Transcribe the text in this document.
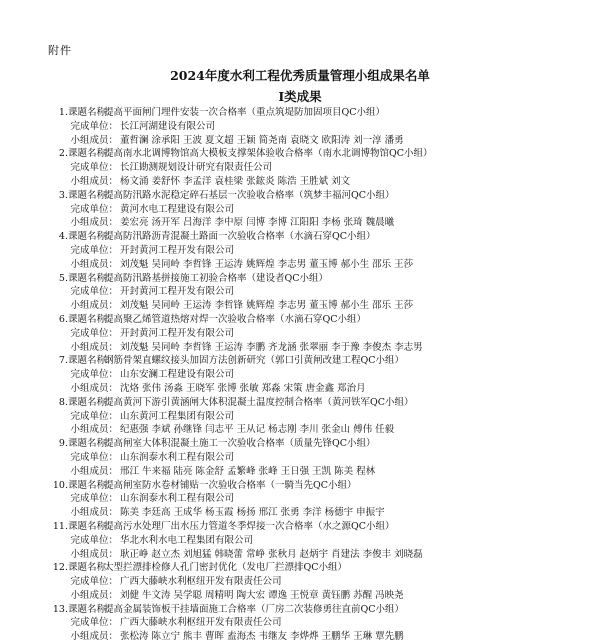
附件
2024年度水利工程优秀质量管理小组成果名单
I类成果
1. 课题名称：
提高平面闸门埋件安装一次合格率（重点筑堤防加固项目QC小组）
完成单位： 长江河湖建设有限公司
小组成员： 董哲澜 涂承阳 王波 夏文超 王颖 简尧南 袁晓文 欧阳涛 刘一淳 潘勇
2. 课题名称：
提高南水北调博物馆高大模板支撑架体验收合格率（南水北调博物馆QC小组）
完成单位： 长江勘测规划设计研究有限责任公司
小组成员： 杨文涌 姜舒怀 李孟洋 袁桂梁 张鋐炎 陈浩 王胜斌 刘文
3. 课题名称：
提高防汛路水泥稳定碎石基层一次验收合格率（筑梦丰福河QC小组）
完成单位： 黄河水电工程建设有限公司
小组成员： 姜宏亮 汤开军 吕海洋 李中原 闫博 李博 江阳阳 李杨 张琦 魏晨曦
4. 课题名称：
提高防汛路沥青混凝土路面一次验收合格率（水滴石穿QC小组）
完成单位： 开封黄河工程开发有限公司
小组成员： 刘茂魁 吴同岭 李哲锋 王运涛 姚辉煌 李志男 董玉博 郝小生 邵乐 王莎
5. 课题名称：
提高防汛路基拼接施工初验合格率（建设者QC小组）
完成单位： 开封黄河工程开发有限公司
小组成员： 刘茂魁 吴同岭 王运涛 李哲锋 姚辉煌 李志男 董玉博 郝小生 邵乐 王莎
6. 课题名称：
提高聚乙烯管道热熔对焊一次验收合格率（水滴石穿QC小组）
完成单位： 开封黄河工程开发有限公司
小组成员： 刘茂魁 吴同岭 李哲锋 王运涛 李鹏 齐龙涵 张翠丽 李于豫 李俊杰 李志男
7. 课题名称：
钢筋骨架直螺纹接头加固方法创新研究（郭口引黄闸改建工程QC小组）
完成单位： 山东安澜工程建设有限公司
小组成员： 沈烙 张伟 汤淼 王晓军 张博 张敏 郑淼 宋策 唐金鑫 郑治月
8. 课题名称：
提高黄河下游引黄涵闸大体积混凝土温度控制合格率（黄河铁军QC小组）
完成单位： 山东黄河工程集团有限公司
小组成员： 纪惠强 李斌 孙继锋 闫志平 王从记 杨志刚 李川 张金山 傅伟 任毅
9. 课题名称：
提高闸室大体积混凝土施工一次验收合格率（质量先锋QC小组）
完成单位： 山东润泰水利工程有限公司
小组成员： 邢江 牛来福 陆亮 陈金舒 孟繁峰 张峰 王日强 王凯 陈美 程林
10. 课题名称：
提高闸室防水卷材铺贴一次验收合格率（一騎当先QC小组）
完成单位： 山东润泰水利工程有限公司
小组成员： 陈美 李廷高 王成华 杨玉霞 杨扬 邢江 张勇 李洋 杨德宇 申振宇
11. 课题名称：
提高污水处理厂出水压力管道冬季焊接一次合格率（水之源QC小组）
完成单位： 华北水利水电工程集团有限公司
小组成员： 耿正峥 赵立杰 刘旭猛 韩晓蕾 常峥 张秋月 赵炳宇 肖建法 李俊丰 刘晓磊
12. 课题名称：
大型拦漂排检修人孔门密封优化（发电厂拦漂排QC小组）
完成单位： 广西大藤峡水利枢纽开发有限责任公司
小组成员： 刘健 牛文涛 吴学聪 周精明 陶大宏 谭逸 王悦章 黄钰鹏 苏醒 冯映尧
13. 课题名称：
提高金属装饰板干挂墙面施工合格率（厂房二次装修勇往直前QC小组）
完成单位： 广西大藤峡水利枢纽开发有限责任公司
小组成员： 张松涛 陈立宁 熊丰 曹晖 盍海杰 韦继友 李烨烨 王鹏华 王琳 覃先鹏
